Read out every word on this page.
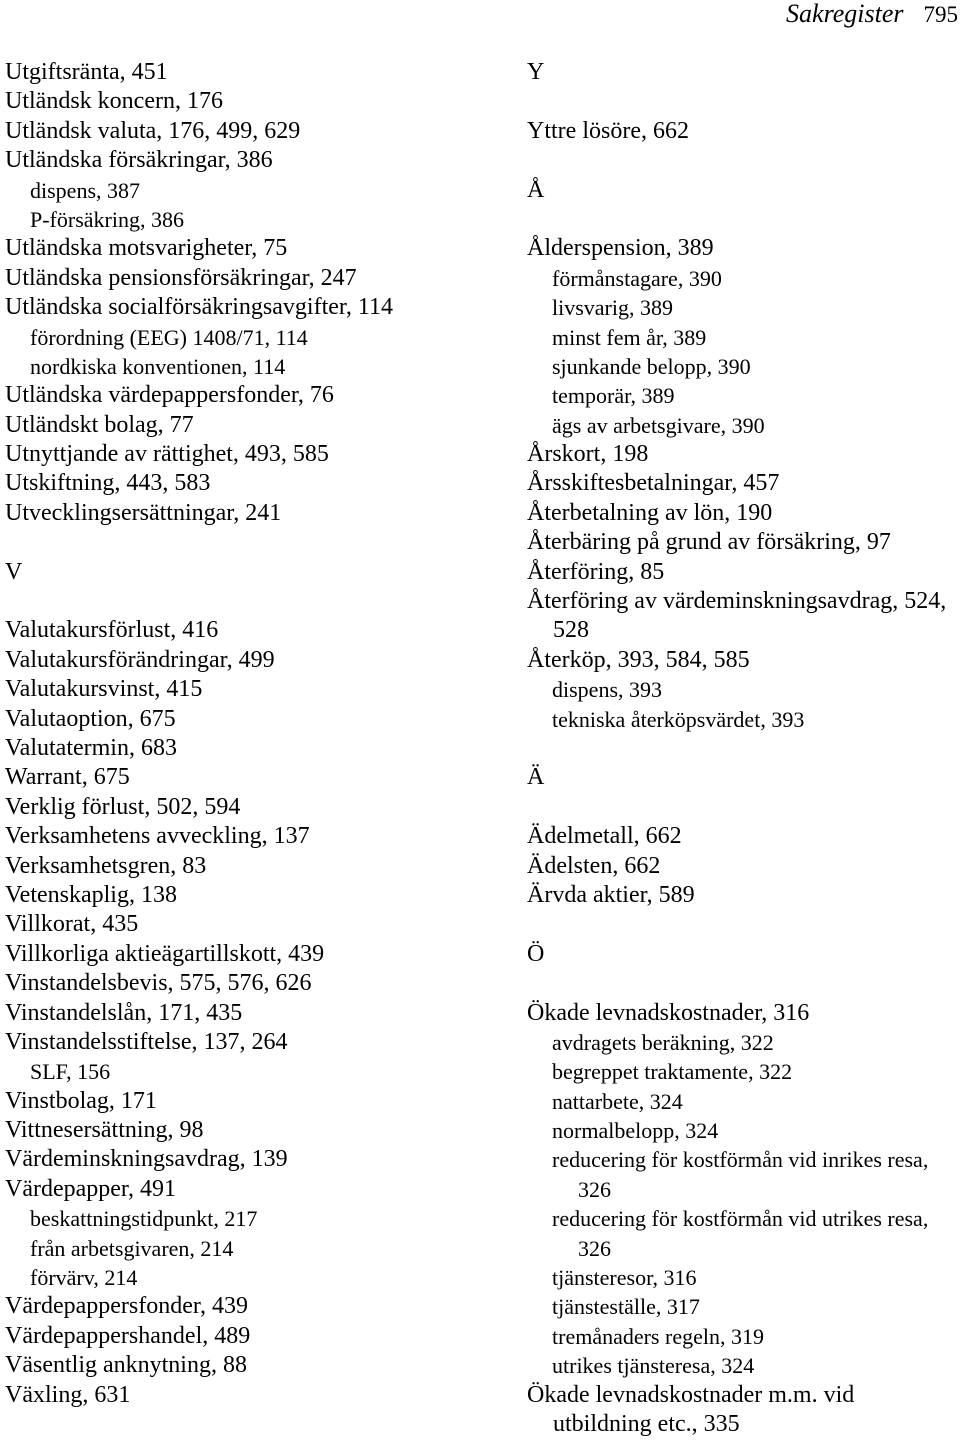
Sakregister 795
Utgiftsränta, 451
Utländsk koncern, 176
Utländsk valuta, 176, 499, 629
Utländska försäkringar, 386
dispens, 387
P-försäkring, 386
Utländska motsvarigheter, 75
Utländska pensionsförsäkringar, 247
Utländska socialförsäkringsavgifter, 114
förordning (EEG) 1408/71, 114
nordkiska konventionen, 114
Utländska värdepappersfonder, 76
Utländskt bolag, 77
Utnyttjande av rättighet, 493, 585
Utskiftning, 443, 583
Utvecklingsersättningar, 241
V
Valutakursförlust, 416
Valutakursförändringar, 499
Valutakursvinst, 415
Valutaoption, 675
Valutatermin, 683
Warrant, 675
Verklig förlust, 502, 594
Verksamhetens avveckling, 137
Verksamhetsgren, 83
Vetenskaplig, 138
Villkorat, 435
Villkorliga aktieägartillskott, 439
Vinstandelsbevis, 575, 576, 626
Vinstandelslån, 171, 435
Vinstandelsstiftelse, 137, 264
SLF, 156
Vinstbolag, 171
Vittnesersättning, 98
Värdeminskningsavdrag, 139
Värdepapper, 491
beskattningstidpunkt, 217
från arbetsgivaren, 214
förvärv, 214
Värdepappersfonder, 439
Värdepappershandel, 489
Väsentlig anknytning, 88
Växling, 631
Y
Yttre lösöre, 662
Å
Ålderspension, 389
förmånstagare, 390
livsvarig, 389
minst fem år, 389
sjunkande belopp, 390
temporär, 389
ägs av arbetsgivare, 390
Årskort, 198
Årsskiftesbetalningar, 457
Återbetalning av lön, 190
Återbäring på grund av försäkring, 97
Återföring, 85
Återföring av värdeminskningsavdrag, 524,
528
Återköp, 393, 584, 585
dispens, 393
tekniska återköpsvärdet, 393
Ä
Ädelmetall, 662
Ädelsten, 662
Ärvda aktier, 589
Ö
Ökade levnadskostnader, 316
avdragets beräkning, 322
begreppet traktamente, 322
nattarbete, 324
normalbelopp, 324
reducering för kostförmån vid inrikes resa,
326
reducering för kostförmån vid utrikes resa,
326
tjänsteresor, 316
tjänsteställe, 317
tremånaders regeln, 319
utrikes tjänsteresa, 324
Ökade levnadskostnader m.m. vid
utbildning etc., 335
